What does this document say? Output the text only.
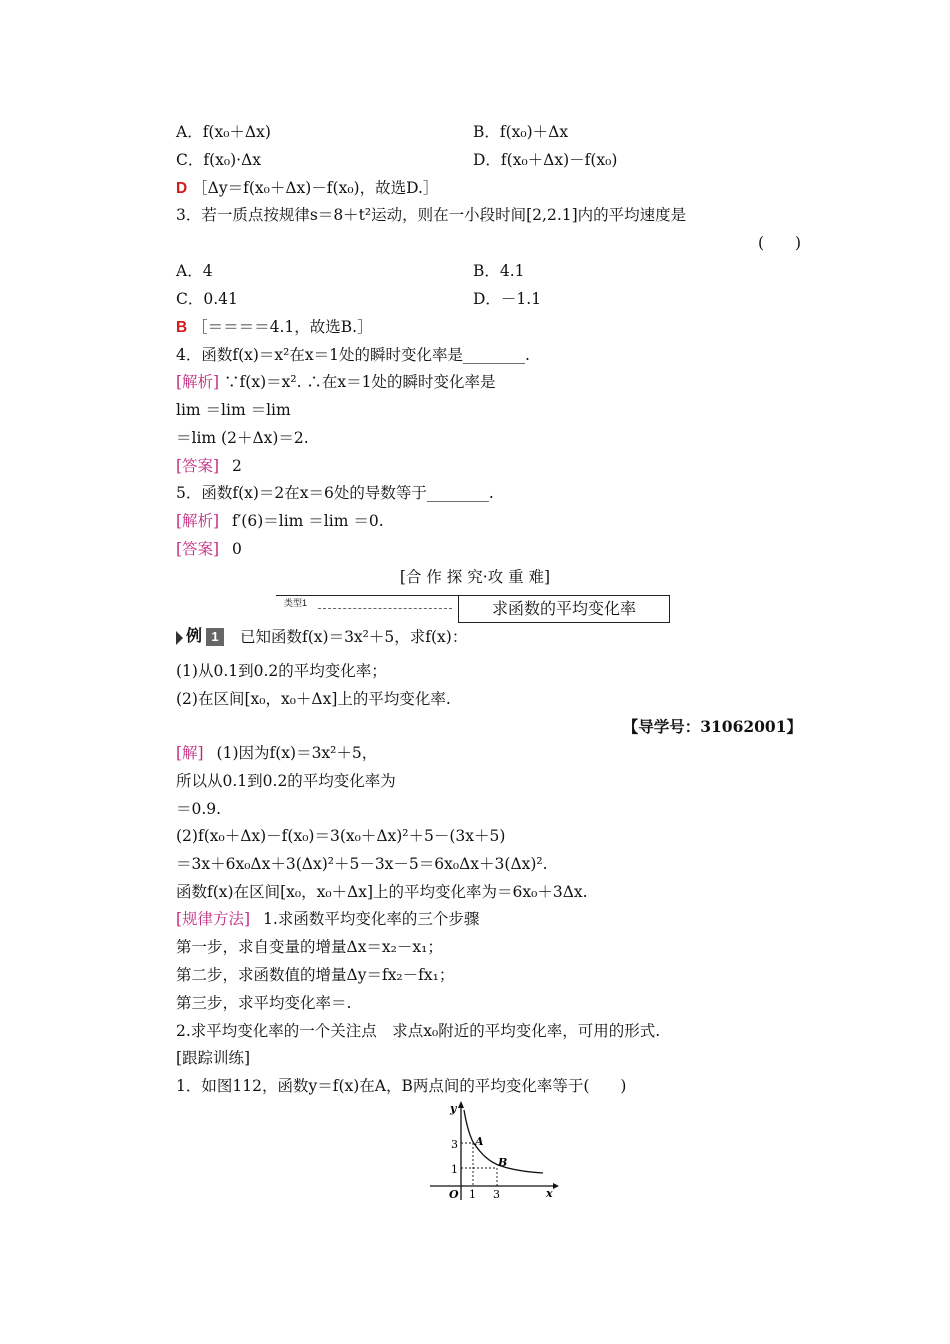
A．f(x₀＋Δx)	B．f(x₀)＋Δx
C．f(x₀)·Δx	D．f(x₀＋Δx)－f(x₀)
D ［Δy＝f(x₀＋Δx)－f(x₀)，故选D.］
3．若一质点按规律s＝8＋t²运动，则在一小段时间[2,2.1]内的平均速度是
(　　)
A．4	B．4.1
C．0.41	D．－1.1
B ［＝＝＝＝4.1，故选B.］
4．函数f(x)＝x²在x＝1处的瞬时变化率是________.
[解析] ∵f(x)＝x². ∴在x＝1处的瞬时变化率是
lim ＝lim ＝lim
＝lim (2＋Δx)＝2.
[答案] 2
5．函数f(x)＝2在x＝6处的导数等于________.
[解析] f′(6)＝lim ＝lim ＝0.
[答案] 0
[合 作 探 究·攻 重 难]
类型1	求函数的平均变化率
例 1	已知函数f(x)＝3x²＋5，求f(x)：
(1)从0.1到0.2的平均变化率；
(2)在区间[x₀，x₀＋Δx]上的平均变化率.
【导学号：31062001】
[解] (1)因为f(x)＝3x²＋5，
所以从0.1到0.2的平均变化率为
＝0.9.
(2)f(x₀＋Δx)－f(x₀)＝3(x₀＋Δx)²＋5－(3x＋5)
＝3x＋6x₀Δx＋3(Δx)²＋5－3x－5＝6x₀Δx＋3(Δx)².
函数f(x)在区间[x₀，x₀＋Δx]上的平均变化率为＝6x₀＋3Δx.
[规律方法] 1.求函数平均变化率的三个步骤
第一步，求自变量的增量Δx＝x₂－x₁；
第二步，求函数值的增量Δy＝fx₂－fx₁；
第三步，求平均变化率＝.
2.求平均变化率的一个关注点　求点x₀附近的平均变化率，可用的形式.
[跟踪训练]
1．如图112，函数y＝f(x)在A，B两点间的平均变化率等于(　　)
y
x
O
3
1
1 3
A
B
